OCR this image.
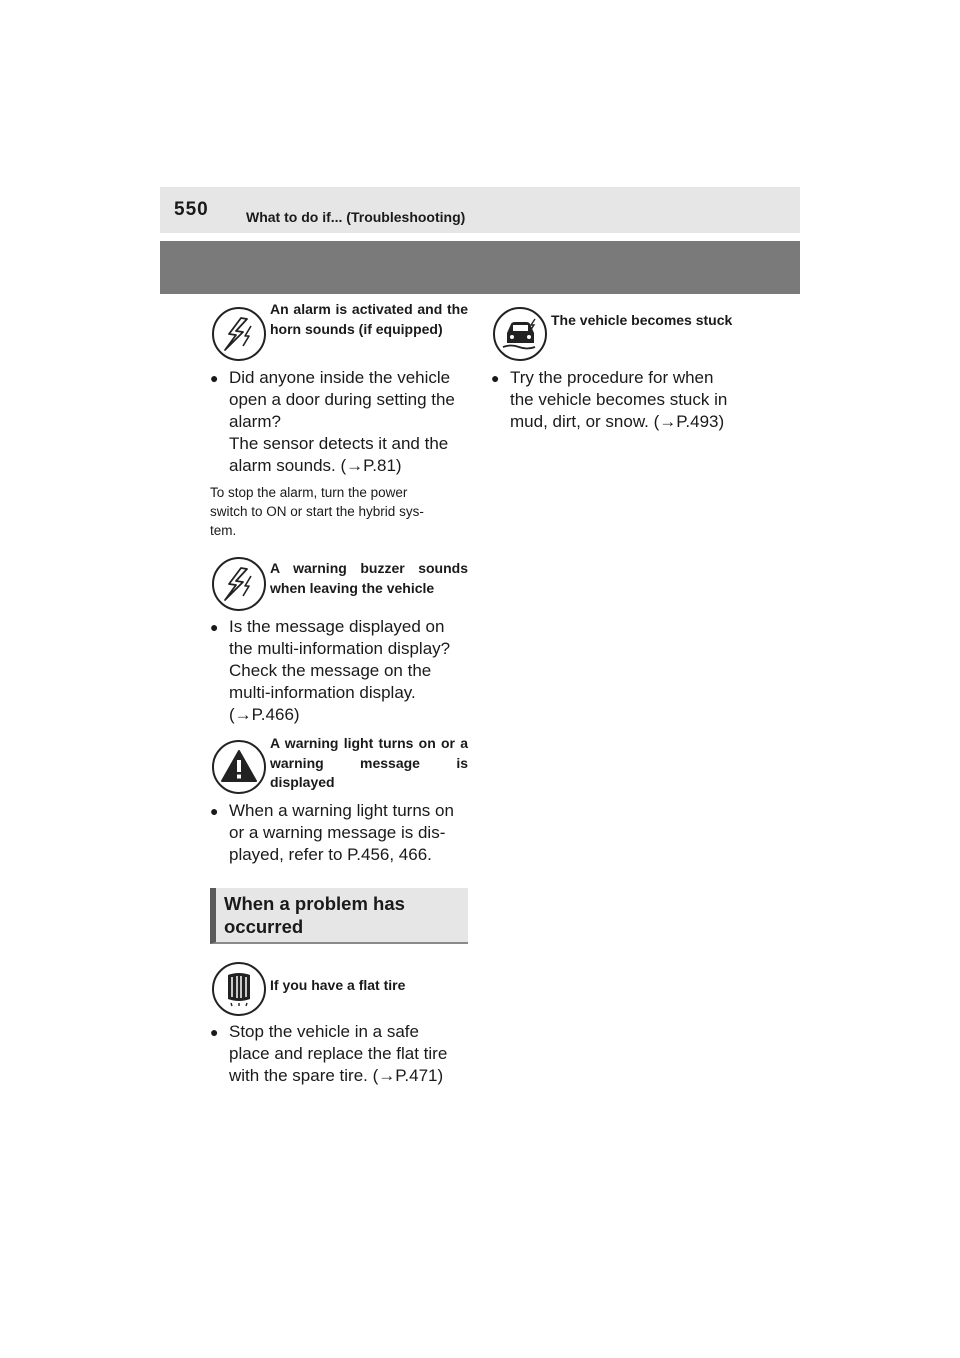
550	What to do if... (Troubleshooting)
An alarm is activated and the horn sounds (if equipped)
● Did anyone inside the vehicle
open a door during setting the
alarm?
The sensor detects it and the
alarm sounds. (→P.81)
To stop the alarm, turn the power
switch to ON or start the hybrid sys-
tem.
A warning buzzer sounds when leaving the vehicle
● Is the message displayed on
the multi-information display?
Check the message on the
multi-information display.
(→P.466)
A warning light turns on or a warning message is displayed
● When a warning light turns on
or a warning message is dis-
played, refer to P.456, 466.
When a problem has
occurred
If you have a flat tire
● Stop the vehicle in a safe
place and replace the flat tire
with the spare tire. (→P.471)
The vehicle becomes stuck
● Try the procedure for when
the vehicle becomes stuck in
mud, dirt, or snow. (→P.493)
